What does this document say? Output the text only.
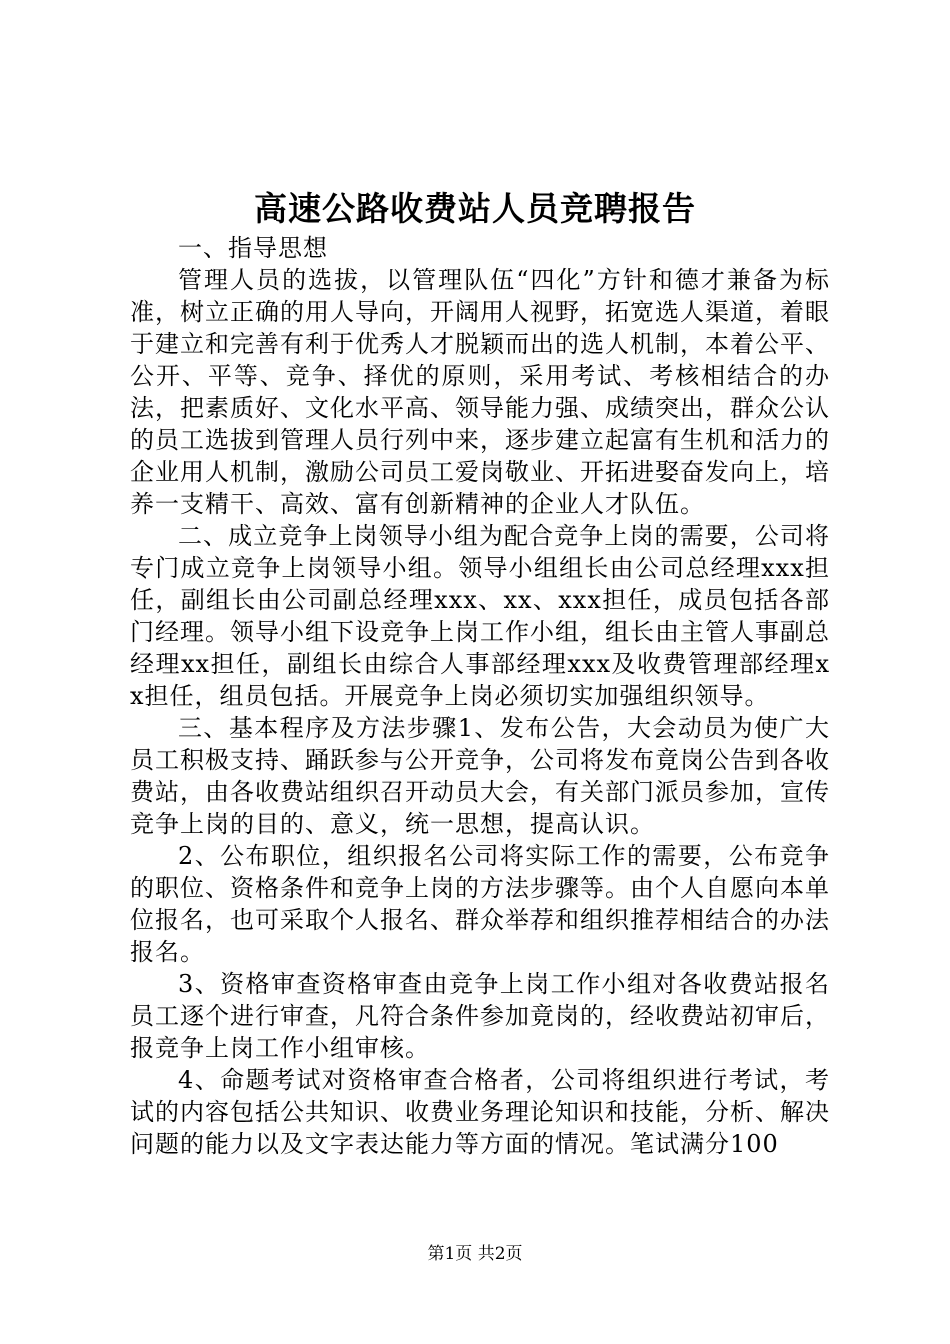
高速公路收费站人员竞聘报告

一、指导思想

管理人员的选拔，以管理队伍“四化”方针和德才兼备为标准，树立正确的用人导向，开阔用人视野，拓宽选人渠道，着眼于建立和完善有利于优秀人才脱颖而出的选人机制，本着公平、公开、平等、竞争、择优的原则，采用考试、考核相结合的办法，把素质好、文化水平高、领导能力强、成绩突出，群众公认的员工选拔到管理人员行列中来，逐步建立起富有生机和活力的企业用人机制，激励公司员工爱岗敬业、开拓进娶奋发向上，培养一支精干、高效、富有创新精神的企业人才队伍。

二、成立竞争上岗领导小组为配合竞争上岗的需要，公司将专门成立竞争上岗领导小组。领导小组组长由公司总经理xxx担任，副组长由公司副总经理xxx、xx、xxx担任，成员包括各部门经理。领导小组下设竞争上岗工作小组，组长由主管人事副总经理xx担任，副组长由综合人事部经理xxx及收费管理部经理xx担任，组员包括。开展竞争上岗必须切实加强组织领导。

三、基本程序及方法步骤1、发布公告，大会动员为使广大员工积极支持、踊跃参与公开竞争，公司将发布竟岗公告到各收费站，由各收费站组织召开动员大会，有关部门派员参加，宣传竞争上岗的目的、意义，统一思想，提高认识。

2、公布职位，组织报名公司将实际工作的需要，公布竞争的职位、资格条件和竞争上岗的方法步骤等。由个人自愿向本单位报名，也可采取个人报名、群众举荐和组织推荐相结合的办法报名。

3、资格审查资格审查由竞争上岗工作小组对各收费站报名员工逐个进行审查，凡符合条件参加竟岗的，经收费站初审后，报竞争上岗工作小组审核。

4、命题考试对资格审查合格者，公司将组织进行考试，考试的内容包括公共知识、收费业务理论知识和技能，分析、解决问题的能力以及文字表达能力等方面的情况。笔试满分100

第1页 共2页
